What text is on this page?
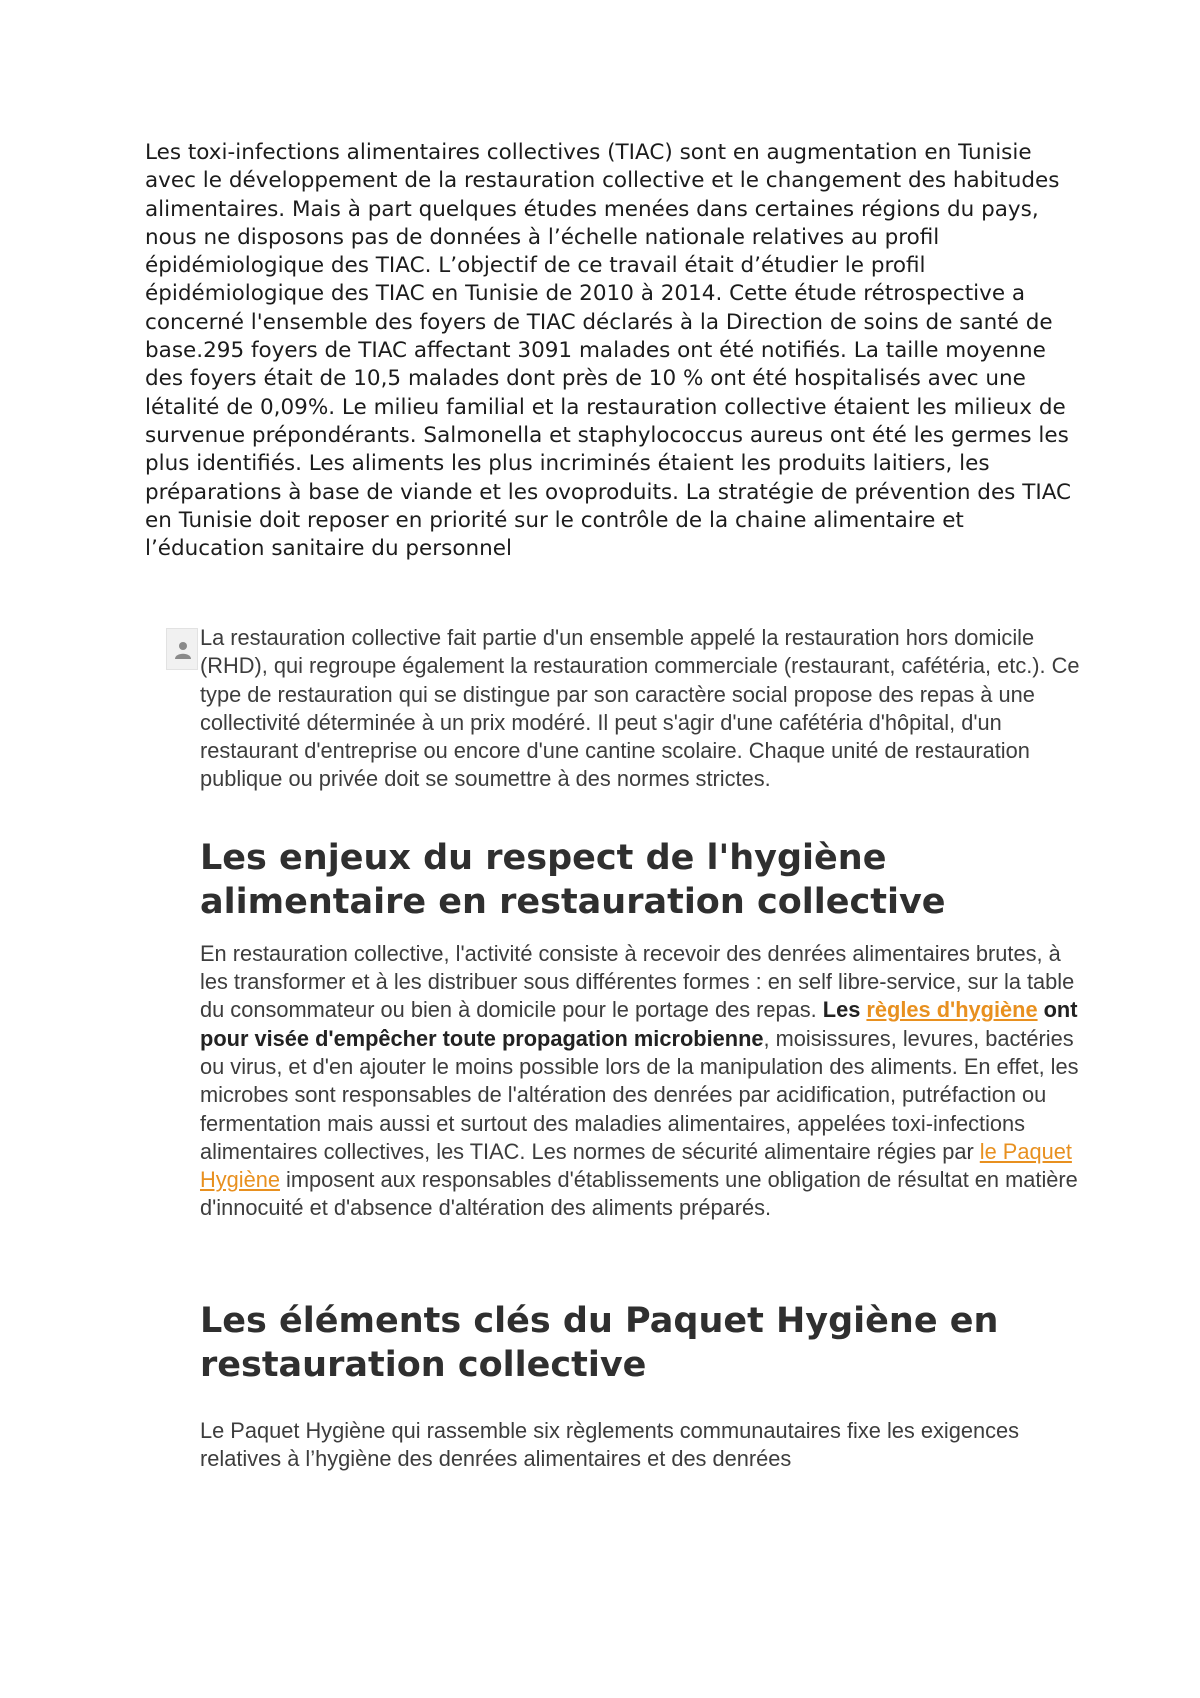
Les toxi-infections alimentaires collectives (TIAC) sont en augmentation en Tunisie avec le développement de la restauration collective et le changement des habitudes alimentaires. Mais à part quelques études menées dans certaines régions du pays, nous ne disposons pas de données à l’échelle nationale relatives au profil épidémiologique des TIAC. L’objectif de ce travail était d’étudier le profil épidémiologique des TIAC en Tunisie de 2010 à 2014. Cette étude rétrospective a concerné l'ensemble des foyers de TIAC déclarés à la Direction de soins de santé de base.295 foyers de TIAC affectant 3091 malades ont été notifiés. La taille moyenne des foyers était de 10,5 malades dont près de 10 % ont été hospitalisés avec une létalité de 0,09%. Le milieu familial et la restauration collective étaient les milieux de survenue prépondérants. Salmonella et staphylococcus aureus ont été les germes les plus identifiés. Les aliments les plus incriminés étaient les produits laitiers, les préparations à base de viande et les ovoproduits. La stratégie de prévention des TIAC en Tunisie doit reposer en priorité sur le contrôle de la chaine alimentaire et l’éducation sanitaire du personnel

La restauration collective fait partie d'un ensemble appelé la restauration hors domicile (RHD), qui regroupe également la restauration commerciale (restaurant, cafétéria, etc.). Ce type de restauration qui se distingue par son caractère social propose des repas à une collectivité déterminée à un prix modéré. Il peut s'agir d'une cafétéria d'hôpital, d'un restaurant d'entreprise ou encore d'une cantine scolaire. Chaque unité de restauration publique ou privée doit se soumettre à des normes strictes.

Les enjeux du respect de l'hygiène alimentaire en restauration collective

En restauration collective, l'activité consiste à recevoir des denrées alimentaires brutes, à les transformer et à les distribuer sous différentes formes : en self libre-service, sur la table du consommateur ou bien à domicile pour le portage des repas. Les règles d'hygiène ont pour visée d'empêcher toute propagation microbienne, moisissures, levures, bactéries ou virus, et d'en ajouter le moins possible lors de la manipulation des aliments. En effet, les microbes sont responsables de l'altération des denrées par acidification, putréfaction ou fermentation mais aussi et surtout des maladies alimentaires, appelées toxi-infections alimentaires collectives, les TIAC. Les normes de sécurité alimentaire régies par le Paquet Hygiène imposent aux responsables d'établissements une obligation de résultat en matière d'innocuité et d'absence d'altération des aliments préparés.

Les éléments clés du Paquet Hygiène en restauration collective

Le Paquet Hygiène qui rassemble six règlements communautaires fixe les exigences relatives à l’hygiène des denrées alimentaires et des denrées
